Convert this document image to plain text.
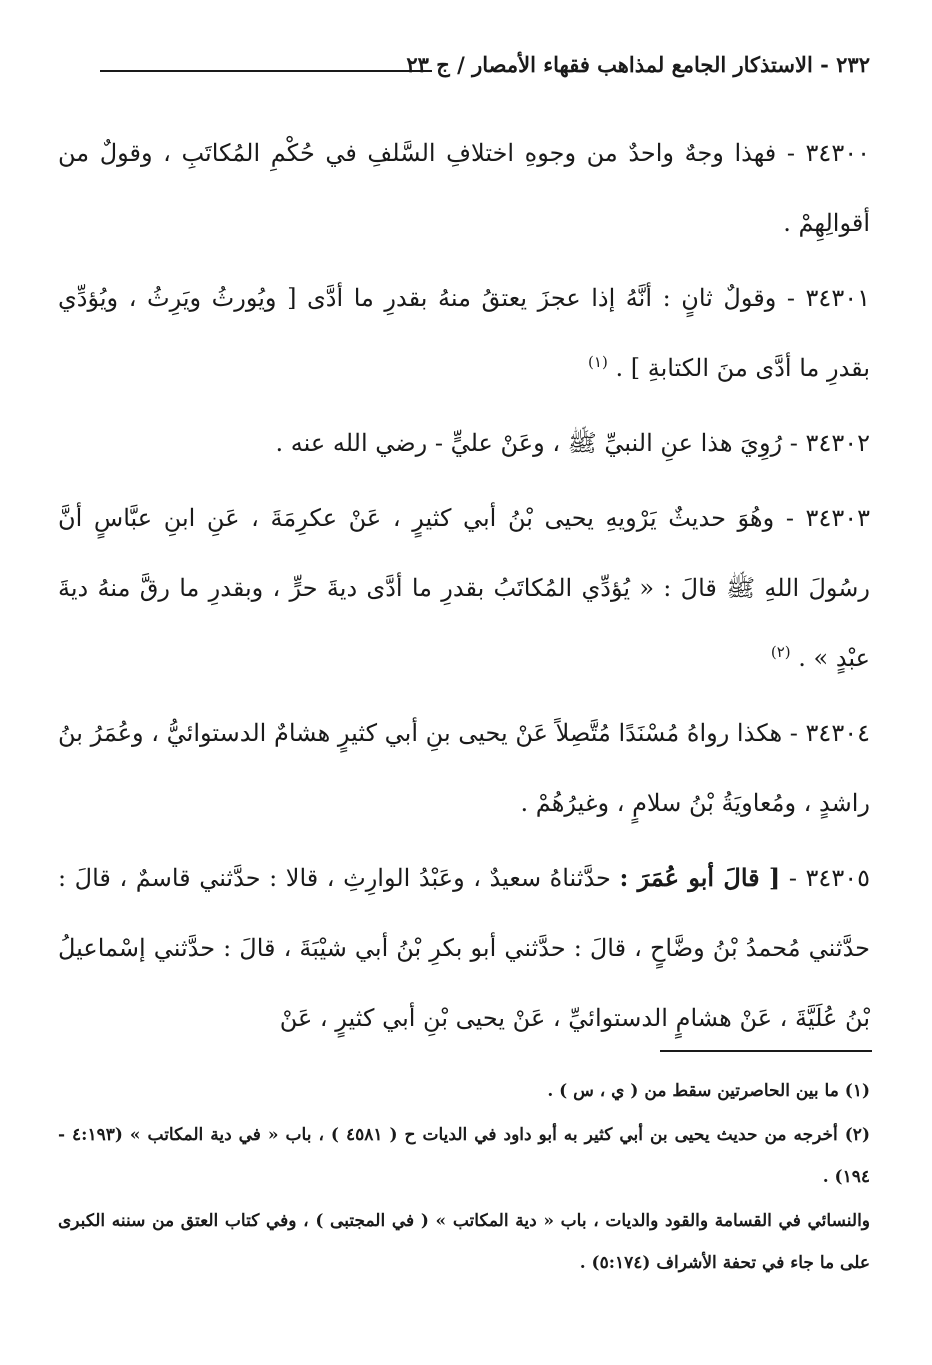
٢٣٢ - الاستذكار الجامع لمذاهب فقهاء الأمصار / ج ٢٣

٣٤٣٠٠ - فهذا وجهٌ واحدٌ من وجوهِ اختلافِ السَّلفِ في حُكْمِ المُكاتَبِ ، وقولٌ من أقوالِهِمْ .

٣٤٣٠١ - وقولٌ ثانٍ : أنَّهُ إذا عجزَ يعتقُ منهُ بقدرِ ما أدَّى [ ويُورثُ ويَرِثُ ، ويُؤدِّي بقدرِ ما أدَّى منَ الكتابةِ ] . $^{(١)}$

٣٤٣٠٢ - رُوِيَ هذا عنِ النبيِّ ﷺ ، وعَنْ عليٍّ - رضي الله عنه .

٣٤٣٠٣ - وهُوَ حديثٌ يَرْويهِ يحيى بْنُ أبي كثيرٍ ، عَنْ عكرِمَةَ ، عَنِ ابنِ عبَّاسٍ أنَّ رسُولَ اللهِ ﷺ قالَ : « يُؤدِّي المُكاتَبُ بقدرِ ما أدَّى ديةَ حرٍّ ، وبقدرِ ما رقَّ منهُ ديةَ عبْدٍ » . $^{(٢)}$

٣٤٣٠٤ - هكذا رواهُ مُسْنَدًا مُتَّصِلاً عَنْ يحيى بنِ أبي كثيرٍ هشامٌ الدستوائيُّ ، وعُمَرُ بنُ راشدٍ ، ومُعاويَةُ بْنُ سلامٍ ، وغيرُهُمْ .

٣٤٣٠٥ - [ قالَ أبو عُمَرَ : حدَّثناهُ سعيدٌ ، وعَبْدُ الوارِثِ ، قالا : حدَّثني قاسمٌ ، قالَ : حدَّثني مُحمدُ بْنُ وضَّاحٍ ، قالَ : حدَّثني أبو بكرِ بْنُ أبي شيْبَةَ ، قالَ : حدَّثني إسْماعيلُ بْنُ عُلَيَّةَ ، عَنْ هشامٍ الدستوائيِّ ، عَنْ يحيى بْنِ أبي كثيرٍ ، عَنْ

(١) ما بين الحاصرتين سقط من ( ي ، س ) .

(٢) أخرجه من حديث يحيى بن أبي كثير به أبو داود في الديات ح ( ٤٥٨١ ) ، باب « في دية المكاتب » (٤:١٩٣ - ١٩٤) .

والنسائي في القسامة والقود والديات ، باب « دية المكاتب » ( في المجتبى ) ، وفي كتاب العتق من سننه الكبرى على ما جاء في تحفة الأشراف (٥:١٧٤) .
